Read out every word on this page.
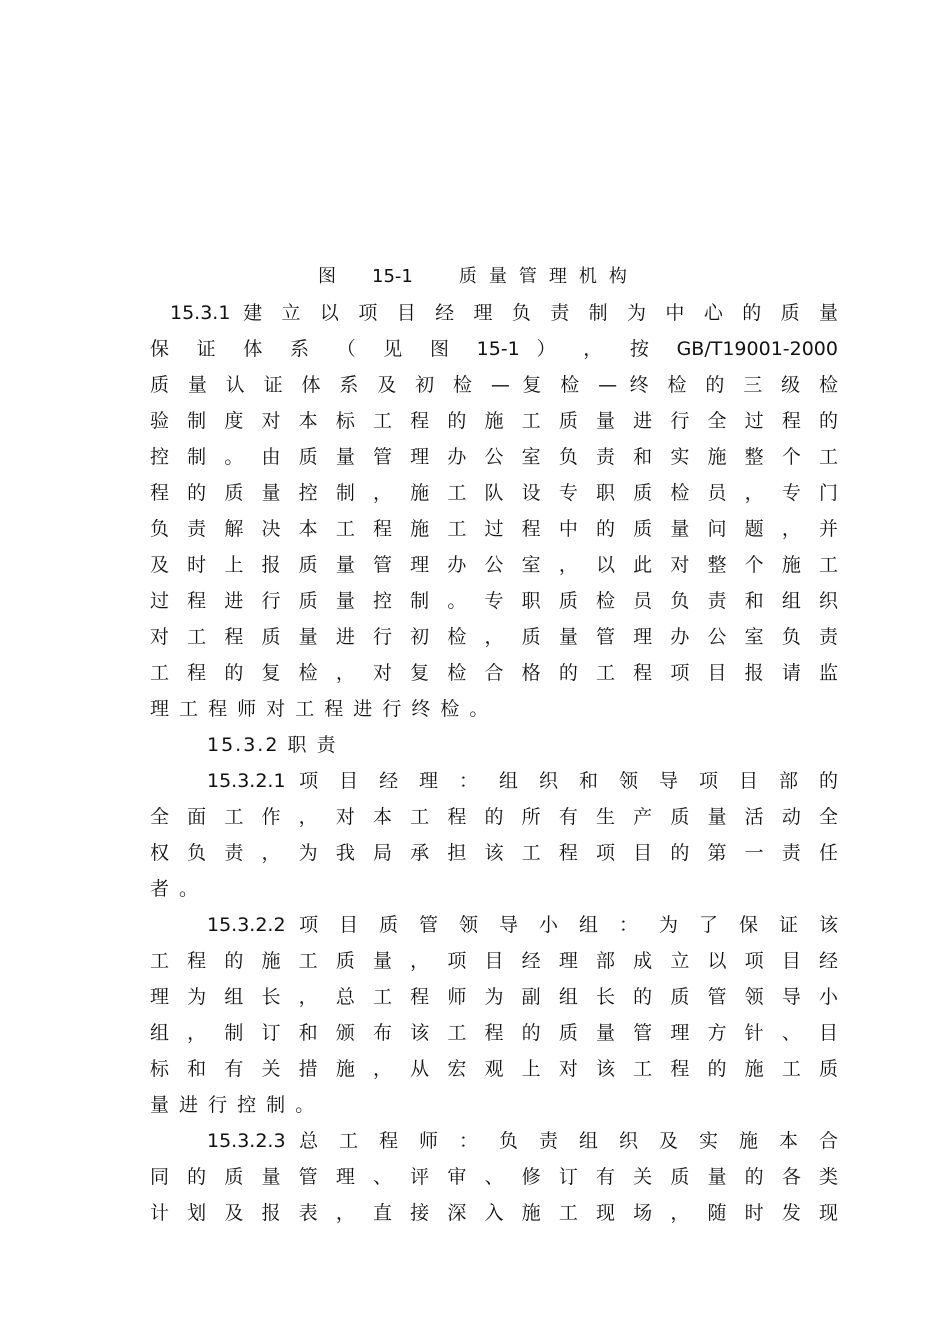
图 15-1	质量管理机构
15.3.1 建 立 以 项 目 经 理 负 责 制 为 中 心 的 质 量
保 证 体 系 （ 见 图 15-1 ） ， 按 GB/T19001-2000
质 量 认 证 体 系 及 初 检 — 复 检 — 终 检 的 三 级 检
验 制 度 对 本 标 工 程 的 施 工 质 量 进 行 全 过 程 的
控 制 。 由 质 量 管 理 办 公 室 负 责 和 实 施 整 个 工
程 的 质 量 控 制 ， 施 工 队 设 专 职 质 检 员 ， 专 门
负 责 解 决 本 工 程 施 工 过 程 中 的 质 量 问 题 ， 并
及 时 上 报 质 量 管 理 办 公 室 ， 以 此 对 整 个 施 工
过 程 进 行 质 量 控 制 。 专 职 质 检 员 负 责 和 组 织
对 工 程 质 量 进 行 初 检 ， 质 量 管 理 办 公 室 负 责
工 程 的 复 检 ， 对 复 检 合 格 的 工 程 项 目 报 请 监
理 工 程 师 对 工 程 进 行 终 检 。
15.3.2 职 责
15.3.2.1 项 目 经 理 ： 组 织 和 领 导 项 目 部 的
全 面 工 作 ， 对 本 工 程 的 所 有 生 产 质 量 活 动 全
权 负 责 ， 为 我 局 承 担 该 工 程 项 目 的 第 一 责 任
者 。
15.3.2.2 项 目 质 管 领 导 小 组 ： 为 了 保 证 该
工 程 的 施 工 质 量 ， 项 目 经 理 部 成 立 以 项 目 经
理 为 组 长 ， 总 工 程 师 为 副 组 长 的 质 管 领 导 小
组 ， 制 订 和 颁 布 该 工 程 的 质 量 管 理 方 针 、 目
标 和 有 关 措 施 ， 从 宏 观 上 对 该 工 程 的 施 工 质
量 进 行 控 制 。
15.3.2.3 总 工 程 师 ： 负 责 组 织 及 实 施 本 合
同 的 质 量 管 理 、 评 审 、 修 订 有 关 质 量 的 各 类
计 划 及 报 表 ， 直 接 深 入 施 工 现 场 ， 随 时 发 现
